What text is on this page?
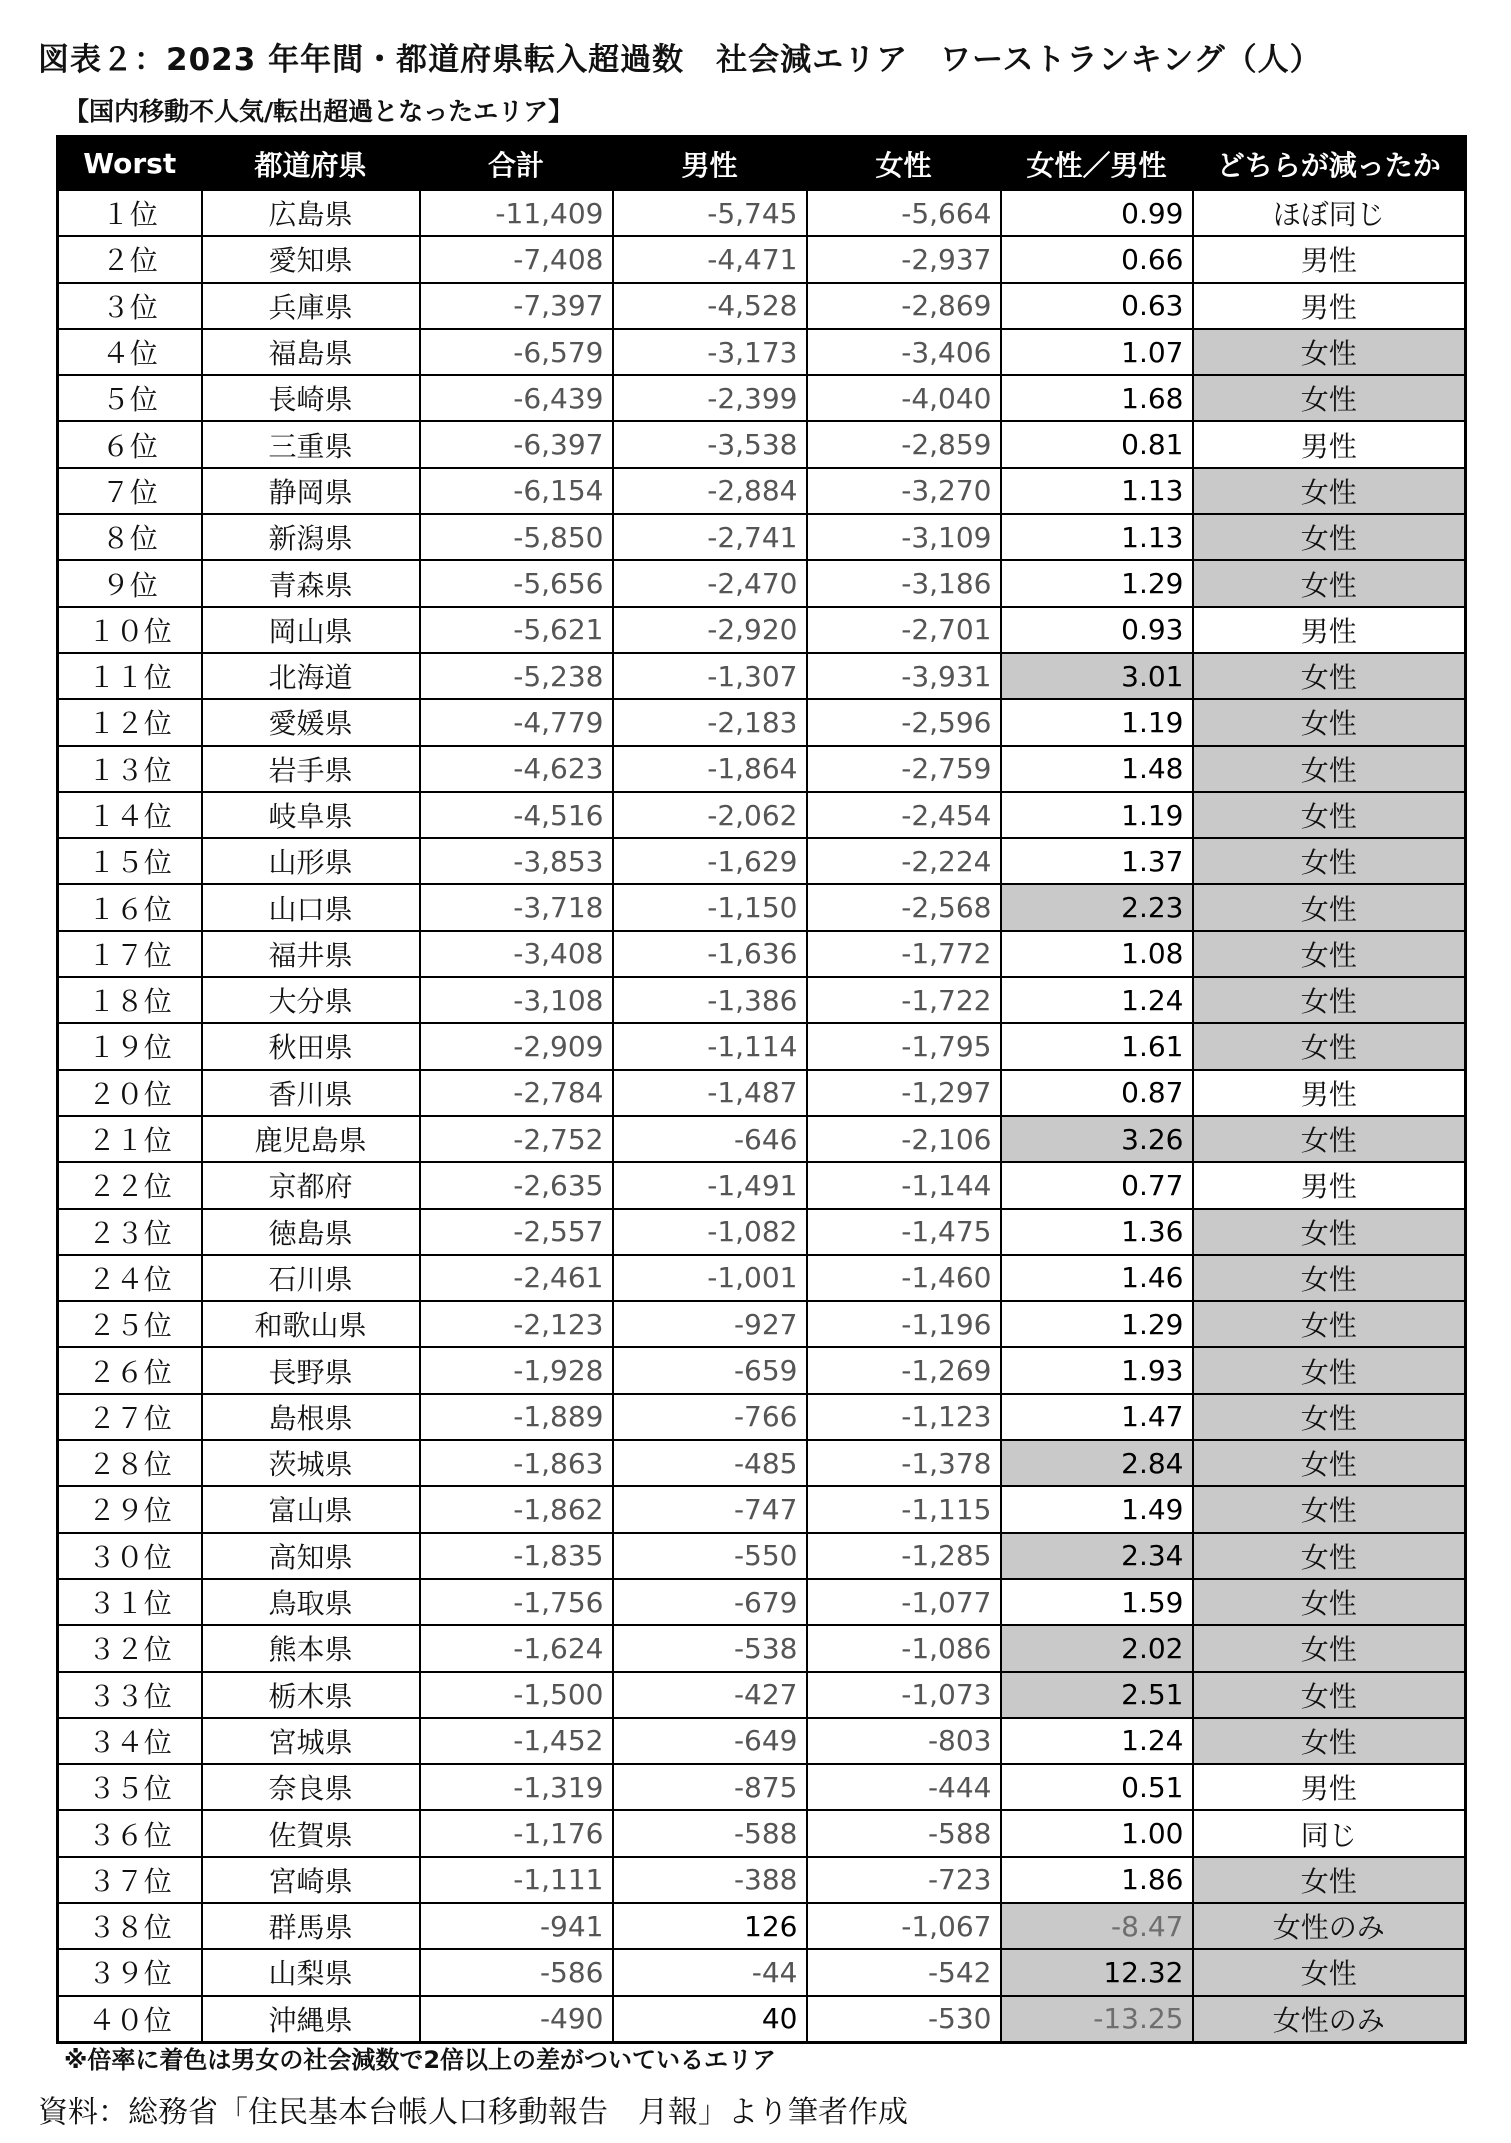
図表２：2023 年年間・都道府県転入超過数　社会減エリア　ワーストランキング（人）
【国内移動不人気/転出超過となったエリア】
Worst	都道府県	合計	男性	女性	女性／男性	どちらが減ったか
１位	広島県	-11,409	-5,745	-5,664	0.99	ほぼ同じ
２位	愛知県	-7,408	-4,471	-2,937	0.66	男性
３位	兵庫県	-7,397	-4,528	-2,869	0.63	男性
４位	福島県	-6,579	-3,173	-3,406	1.07	女性
５位	長崎県	-6,439	-2,399	-4,040	1.68	女性
６位	三重県	-6,397	-3,538	-2,859	0.81	男性
７位	静岡県	-6,154	-2,884	-3,270	1.13	女性
８位	新潟県	-5,850	-2,741	-3,109	1.13	女性
９位	青森県	-5,656	-2,470	-3,186	1.29	女性
１０位	岡山県	-5,621	-2,920	-2,701	0.93	男性
１１位	北海道	-5,238	-1,307	-3,931	3.01	女性
１２位	愛媛県	-4,779	-2,183	-2,596	1.19	女性
１３位	岩手県	-4,623	-1,864	-2,759	1.48	女性
１４位	岐阜県	-4,516	-2,062	-2,454	1.19	女性
１５位	山形県	-3,853	-1,629	-2,224	1.37	女性
１６位	山口県	-3,718	-1,150	-2,568	2.23	女性
１７位	福井県	-3,408	-1,636	-1,772	1.08	女性
１８位	大分県	-3,108	-1,386	-1,722	1.24	女性
１９位	秋田県	-2,909	-1,114	-1,795	1.61	女性
２０位	香川県	-2,784	-1,487	-1,297	0.87	男性
２１位	鹿児島県	-2,752	-646	-2,106	3.26	女性
２２位	京都府	-2,635	-1,491	-1,144	0.77	男性
２３位	徳島県	-2,557	-1,082	-1,475	1.36	女性
２４位	石川県	-2,461	-1,001	-1,460	1.46	女性
２５位	和歌山県	-2,123	-927	-1,196	1.29	女性
２６位	長野県	-1,928	-659	-1,269	1.93	女性
２７位	島根県	-1,889	-766	-1,123	1.47	女性
２８位	茨城県	-1,863	-485	-1,378	2.84	女性
２９位	富山県	-1,862	-747	-1,115	1.49	女性
３０位	高知県	-1,835	-550	-1,285	2.34	女性
３１位	鳥取県	-1,756	-679	-1,077	1.59	女性
３２位	熊本県	-1,624	-538	-1,086	2.02	女性
３３位	栃木県	-1,500	-427	-1,073	2.51	女性
３４位	宮城県	-1,452	-649	-803	1.24	女性
３５位	奈良県	-1,319	-875	-444	0.51	男性
３６位	佐賀県	-1,176	-588	-588	1.00	同じ
３７位	宮崎県	-1,111	-388	-723	1.86	女性
３８位	群馬県	-941	126	-1,067	-8.47	女性のみ
３９位	山梨県	-586	-44	-542	12.32	女性
４０位	沖縄県	-490	40	-530	-13.25	女性のみ
※倍率に着色は男女の社会減数で2倍以上の差がついているエリア
資料：総務省「住民基本台帳人口移動報告　月報」より筆者作成
